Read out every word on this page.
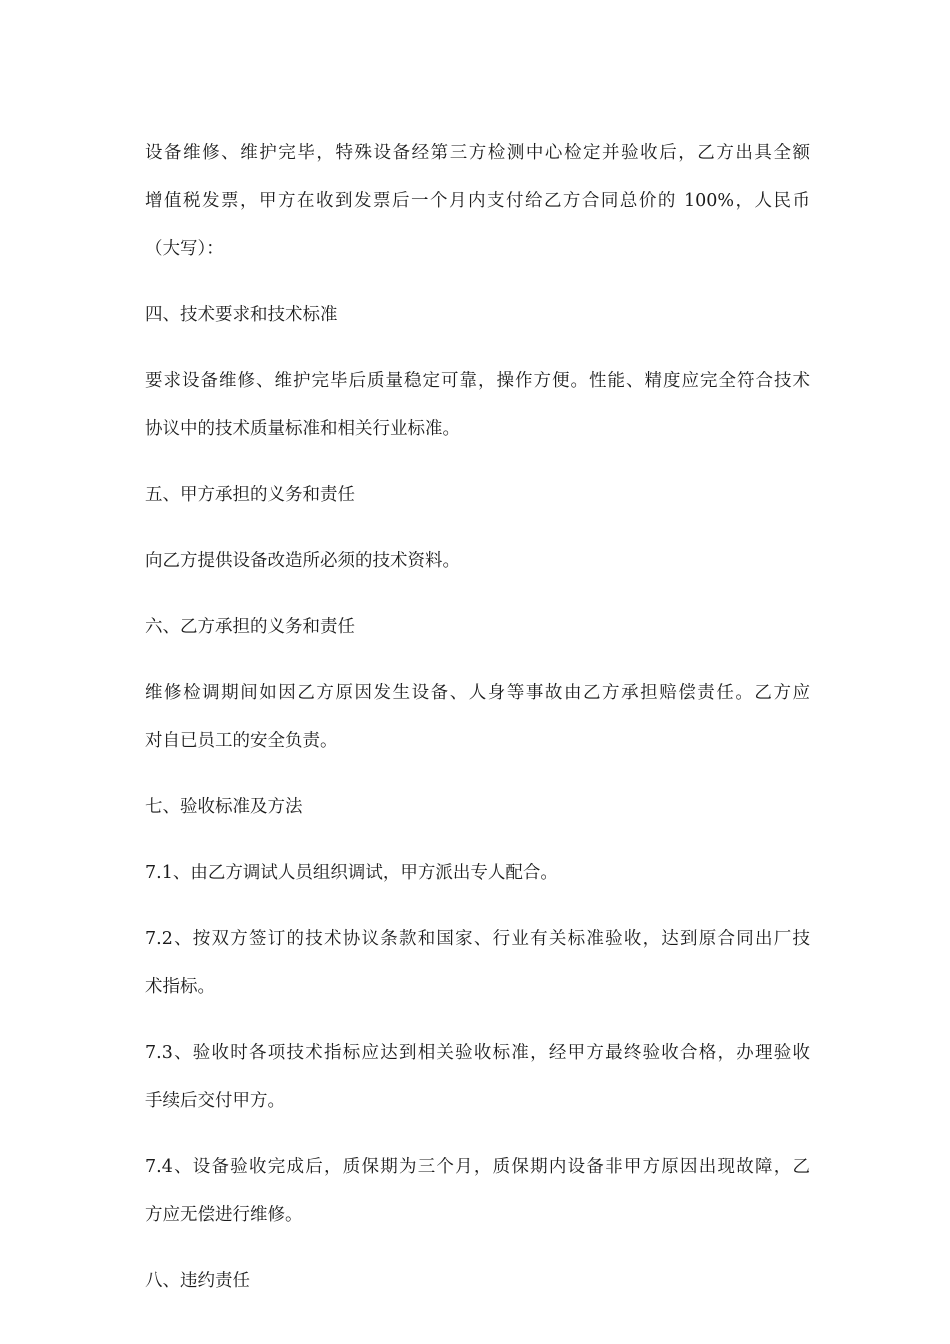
设备维修、维护完毕，特殊设备经第三方检测中心检定并验收后，乙方出具全额
增值税发票，甲方在收到发票后一个月内支付给乙方合同总价的 100%，人民币
（大写）：
四、技术要求和技术标准
要求设备维修、维护完毕后质量稳定可靠，操作方便。性能、精度应完全符合技术
协议中的技术质量标准和相关行业标准。
五、甲方承担的义务和责任
向乙方提供设备改造所必须的技术资料。
六、乙方承担的义务和责任
维修检调期间如因乙方原因发生设备、人身等事故由乙方承担赔偿责任。乙方应
对自已员工的安全负责。
七、验收标准及方法
7.1、由乙方调试人员组织调试，甲方派出专人配合。
7.2、按双方签订的技术协议条款和国家、行业有关标准验收，达到原合同出厂技
术指标。
7.3、验收时各项技术指标应达到相关验收标准，经甲方最终验收合格，办理验收
手续后交付甲方。
7.4、设备验收完成后，质保期为三个月，质保期内设备非甲方原因出现故障，乙
方应无偿进行维修。
八、违约责任
